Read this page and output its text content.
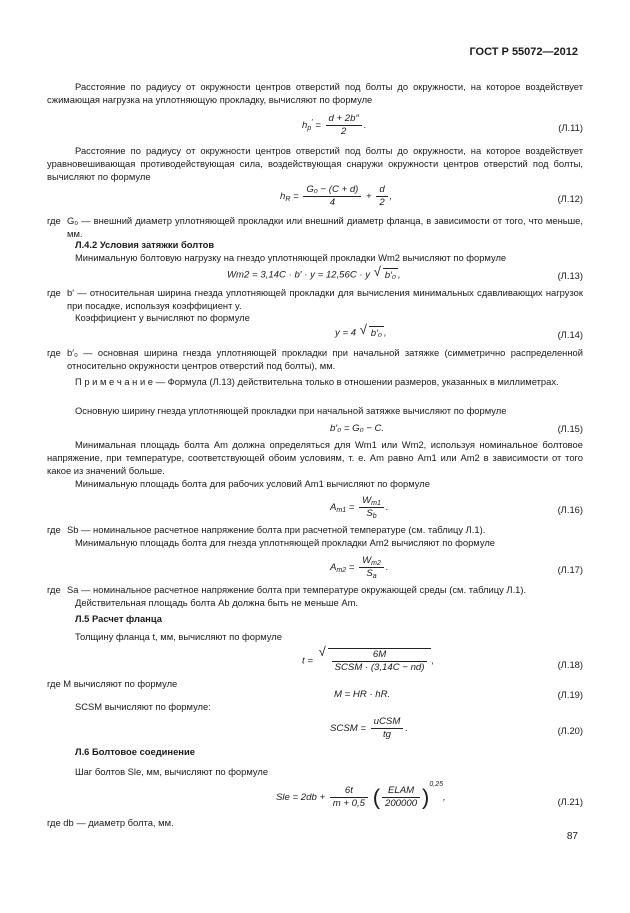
ГОСТ Р 55072—2012
Расстояние по радиусу от окружности центров отверстий под болты до окружности, на которое воздействует сжимающая нагрузка на уплотняющую прокладку, вычисляют по формуле
$h_p' = \frac{d + 2b''}{2}$ .	(Л.11)
Расстояние по радиусу от окружности центров отверстий под болты до окружности, на которое воздействует уравновешивающая противодействующая сила, воздействующая снаружи окружности центров отверстий под болты, вычисляют по формуле
$h_R = \frac{\text{G₀ − (C + d)}}{4} + \frac{d}{2}$ ,	(Л.12)
где G₀ — внешний диаметр уплотняющей прокладки или внешний диаметр фланца, в зависимости от того, что меньше, мм.
Л.4.2 Условия затяжки болтов
Минимальную болтовую нагрузку на гнездо уплотняющей прокладки Wm2 вычисляют по формуле
Wm2 = 3,14C · b′ · y = 12,56C · y √ b′₀ ,	(Л.13)
где b′ — относительная ширина гнезда уплотняющей прокладки для вычисления минимальных сдавливающих нагрузок при посадке, используя коэффициент y.
Коэффициент y вычисляют по формуле
y = 4 √ b′₀ ,	(Л.14)
где b′₀ — основная ширина гнезда уплотняющей прокладки при начальной затяжке (симметрично распределенной относительно окружности центров отверстий под болты), мм.
П р и м е ч а н и е — Формула (Л.13) действительна только в отношении размеров, указанных в миллиметрах.
Основную ширину гнезда уплотняющей прокладки при начальной затяжке вычисляют по формуле
b′₀ = G₀ − C.	(Л.15)
Минимальная площадь болта Am должна определяться для Wm1 или Wm2, используя номинальное болтовое напряжение, при температуре, соответствующей обоим условиям, т. е. Am равно Am1 или Am2 в зависимости от того какое из значений больше.
Минимальную площадь болта для рабочих условий Am1 вычисляют по формуле
$A_{m1} = \frac{W_{m1}}{S_b}$ .	(Л.16)
где Sb — номинальное расчетное напряжение болта при расчетной температуре (см. таблицу Л.1).
Минимальную площадь болта для гнезда уплотняющей прокладки Am2 вычисляют по формуле
$A_{m2} = \frac{W_{m2}}{S_a}$ .	(Л.17)
где Sa — номинальное расчетное напряжение болта при температуре окружающей среды (см. таблицу Л.1).
Действительная площадь болта Ab должна быть не меньше Am.
Л.5 Расчет фланца
Толщину фланца t, мм, вычисляют по формуле
t = √ $\frac{6M}{\text{SCSM · (3,14C − nd)}}$ ,	(Л.18)
где M вычисляют по формуле
M = HR · hR.	(Л.19)
SCSM вычисляют по формуле:
SCSM = $\frac{\text{uCSM}}{tg}$ .	(Л.20)
Л.6 Болтовое соединение
Шаг болтов Sle, мм, вычисляют по формуле
Sle = $2db + \frac{6t}{m + 0,5}$ ( $\frac{\text{ELAM}}{200000} )^{0,25}$,	(Л.21)
где db — диаметр болта, мм.
87
